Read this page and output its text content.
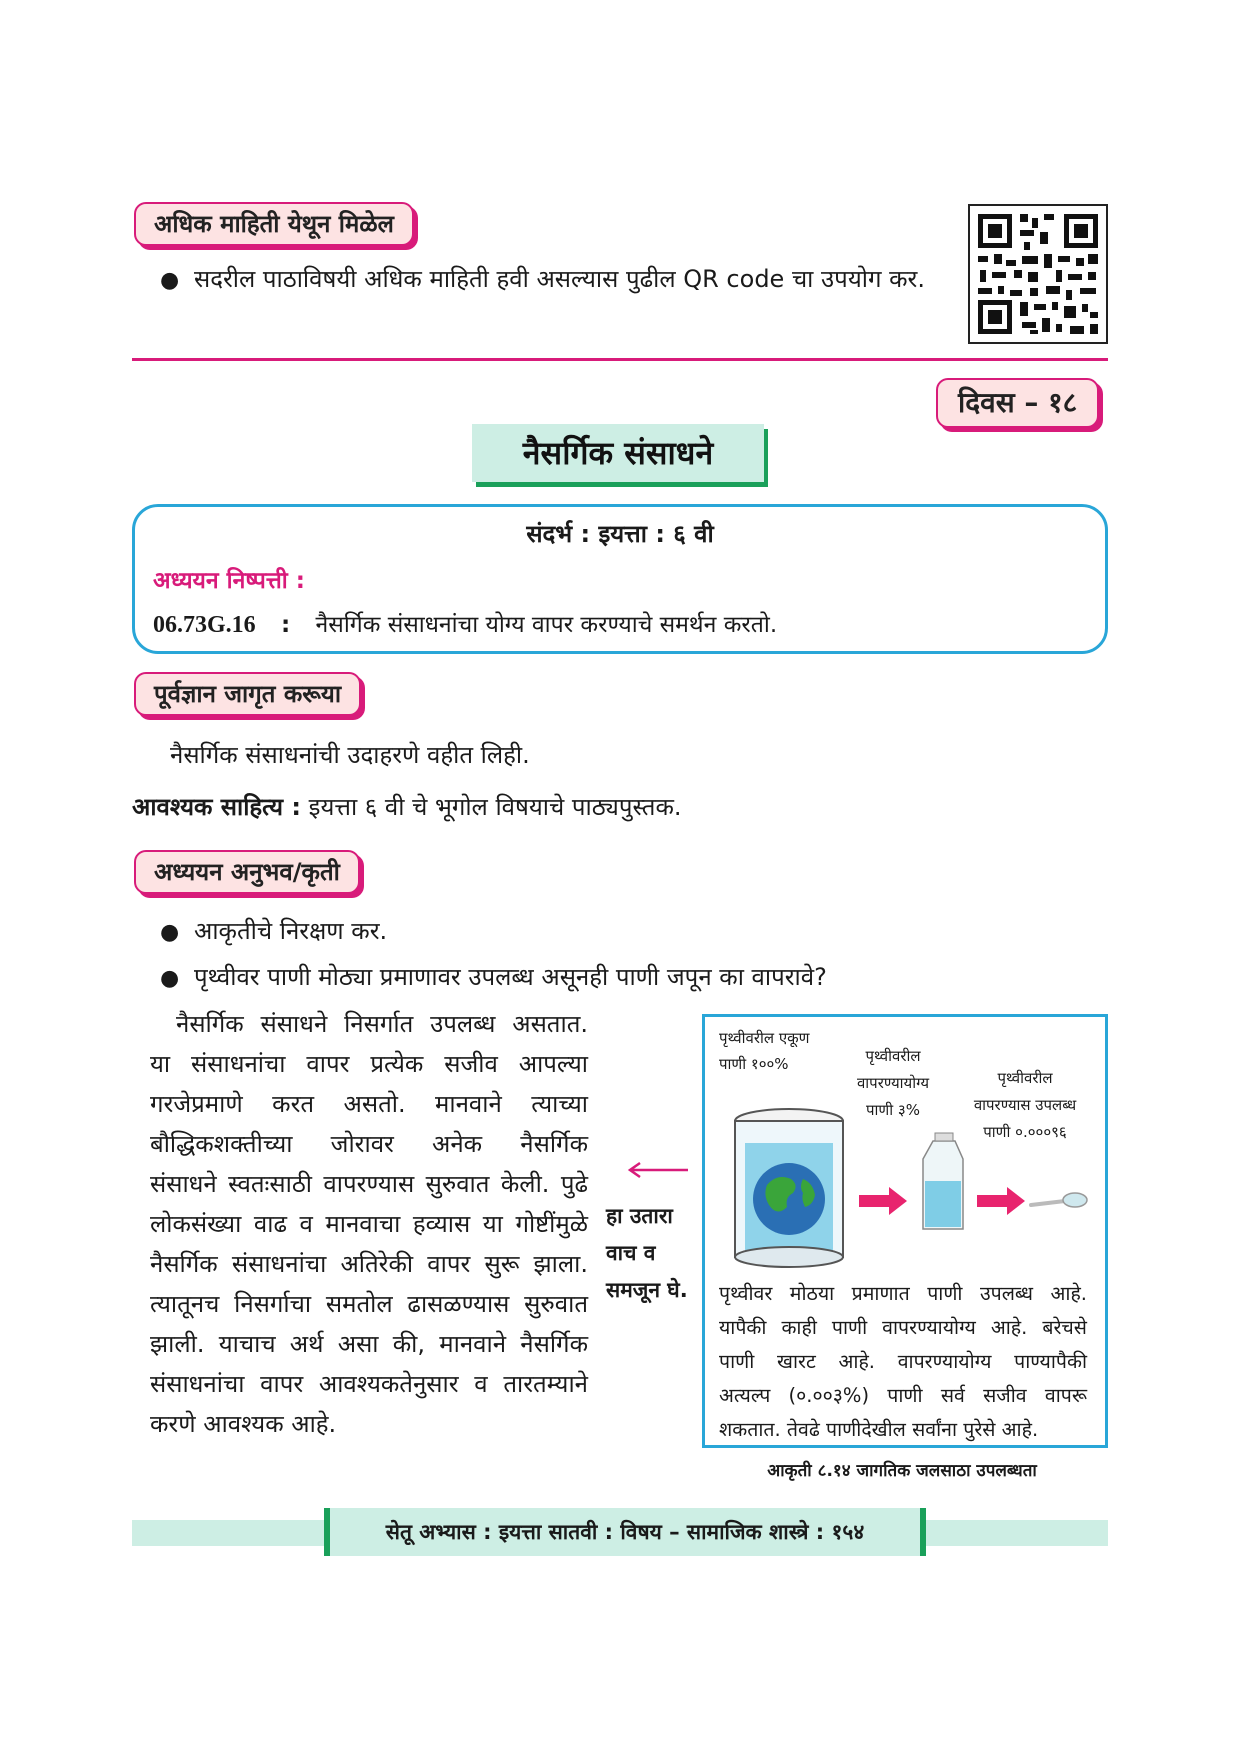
अधिक माहिती येथून मिळेल
● सदरील पाठाविषयी अधिक माहिती हवी असल्यास पुढील QR code चा उपयोग कर.
दिवस – १८
नैसर्गिक संसाधने
संदर्भ : इयत्ता : ६ वी
अध्ययन निष्पत्ती :
06.73G.16 : नैसर्गिक संसाधनांचा योग्य वापर करण्याचे समर्थन करतो.
पूर्वज्ञान जागृत करूया
नैसर्गिक संसाधनांची उदाहरणे वहीत लिही.
आवश्यक साहित्य : इयत्ता ६ वी चे भूगोल विषयाचे पाठ्यपुस्तक.
अध्ययन अनुभव/कृती
● आकृतीचे निरक्षण कर.
● पृथ्वीवर पाणी मोठ्या प्रमाणावर उपलब्ध असूनही पाणी जपून का वापरावे?
नैसर्गिक संसाधने निसर्गात उपलब्ध असतात.
या संसाधनांचा वापर प्रत्येक सजीव आपल्या
गरजेप्रमाणे करत असतो. मानवाने त्याच्या
बौद्धिकशक्तीच्या जोरावर अनेक नैसर्गिक
संसाधने स्वतःसाठी वापरण्यास सुरुवात केली. पुढे
लोकसंख्या वाढ व मानवाचा हव्यास या गोष्टींमुळे
नैसर्गिक संसाधनांचा अतिरेकी वापर सुरू झाला.
त्यातूनच निसर्गाचा समतोल ढासळण्यास सुरुवात
झाली. याचाच अर्थ असा की, मानवाने नैसर्गिक
संसाधनांचा वापर आवश्यकतेनुसार व तारतम्याने
करणे आवश्यक आहे.
हा उतारा
वाच व
समजून घे.
पृथ्वीवरील एकूण
पाणी १००%	पृथ्वीवरील
वापरण्यायोग्य
पाणी ३%
पृथ्वीवरील
वापरण्यास उपलब्ध
पाणी ०.०००९६
पृथ्वीवर मोठया प्रमाणात पाणी उपलब्ध आहे.
यापैकी काही पाणी वापरण्यायोग्य आहे. बरेचसे
पाणी खारट आहे. वापरण्यायोग्य पाण्यापैकी
अत्यल्प (०.००३%) पाणी सर्व सजीव वापरू
शकतात. तेवढे पाणीदेखील सर्वांना पुरेसे आहे.
आकृती ८.१४ जागतिक जलसाठा उपलब्धता
सेतू अभ्यास : इयत्ता सातवी : विषय – सामाजिक शास्त्रे : १५४
